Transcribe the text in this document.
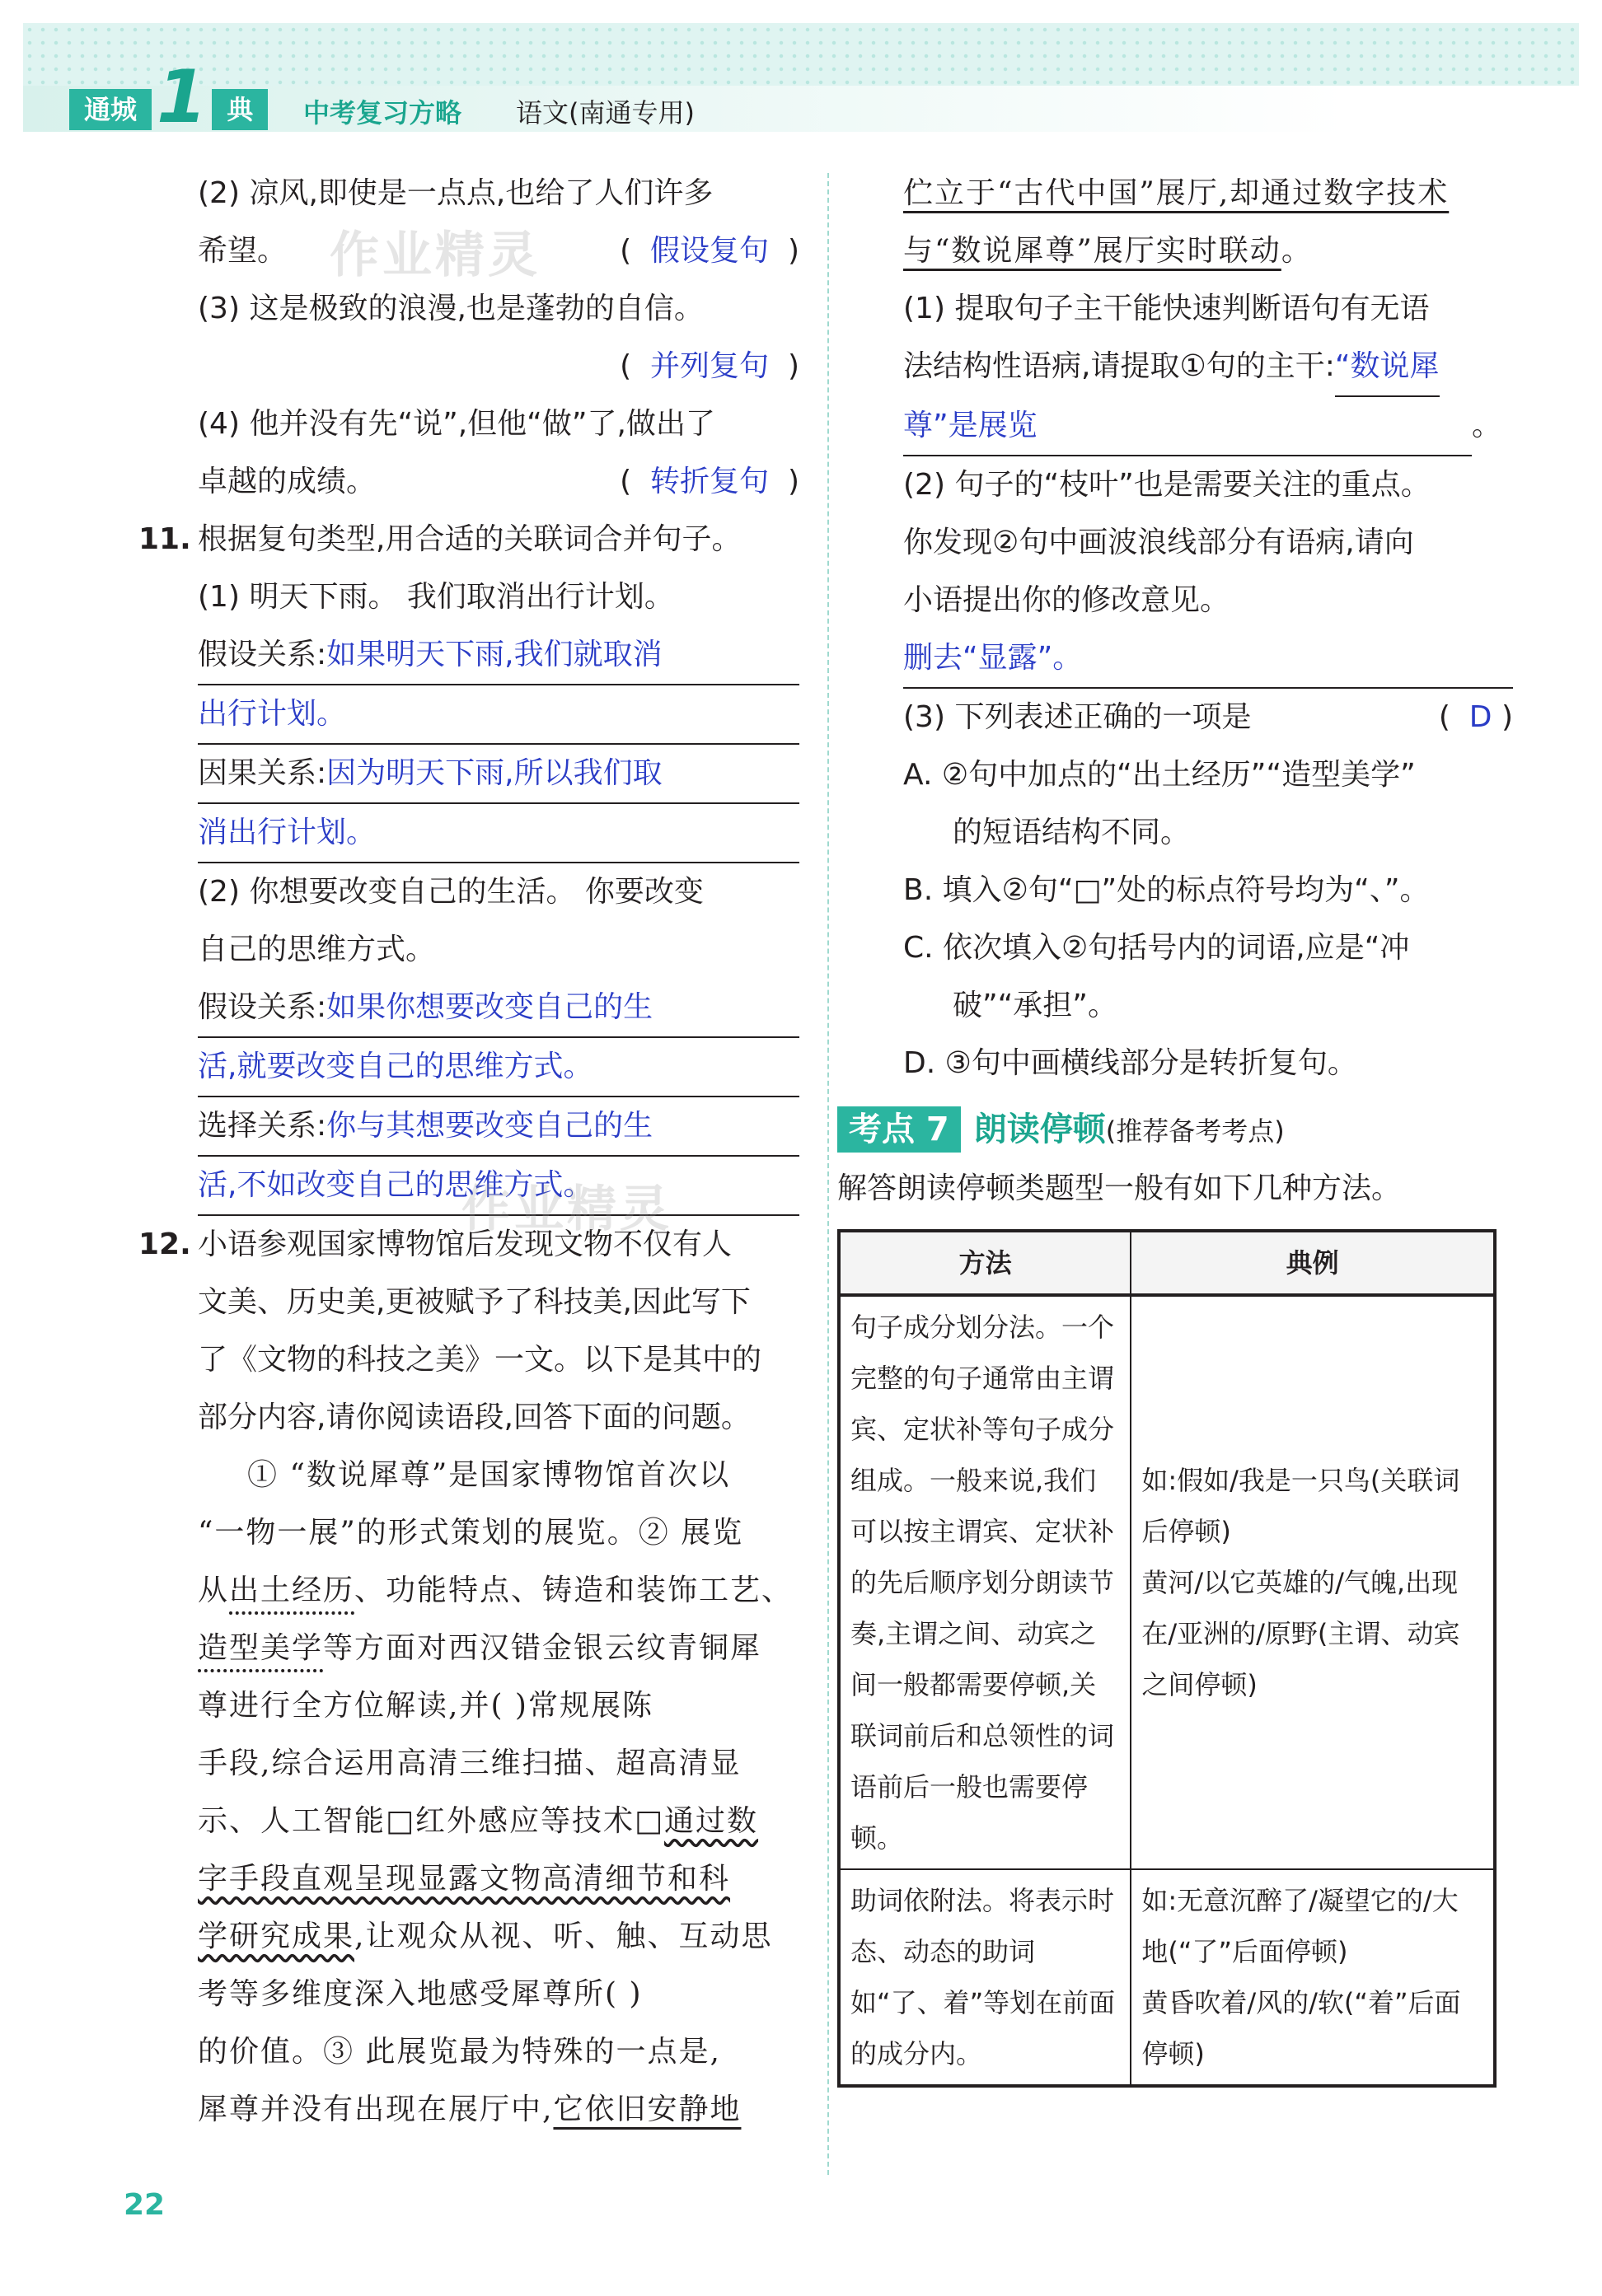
通城 1 典	中考复习方略 语文(南通专用)
(2) 凉风,即使是一点点,也给了人们许多
希望。	(  假设复句  )
(3) 这是极致的浪漫,也是蓬勃的自信。
(  并列复句  )

(4) 他并没有先“说”,但他“做”了,做出了
卓越的成绩。	(  转折复句  )
11. 根据复句类型,用合适的关联词合并句子。
(1) 明天下雨。 我们取消出行计划。
假设关系:如果明天下雨,我们就取消
出行计划。
因果关系:因为明天下雨,所以我们取
消出行计划。
(2) 你想要改变自己的生活。 你要改变
自己的思维方式。
假设关系:如果你想要改变自己的生
活,就要改变自己的思维方式。
选择关系:你与其想要改变自己的生
活,不如改变自己的思维方式。
12. 小语参观国家博物馆后发现文物不仅有人
文美、历史美,更被赋予了科技美,因此写下
了《文物的科技之美》一文。以下是其中的
部分内容,请你阅读语段,回答下面的问题。
① “数说犀尊”是国家博物馆首次以
“一物一展”的形式策划的展览。② 展览
从出土经历、功能特点、铸造和装饰工艺、
造型美学等方面对西汉错金银云纹青铜犀
尊进行全方位解读,并( )常规展陈
手段,综合运用高清三维扫描、超高清显
示、人工智能□红外感应等技术□通过数
字手段直观呈现显露文物高清细节和科
学研究成果,让观众从视、听、触、互动思
考等多维度深入地感受犀尊所( )
的价值。③ 此展览最为特殊的一点是,
犀尊并没有出现在展厅中,它依旧安静地
伫立于“古代中国”展厅,却通过数字技术
与“数说犀尊”展厅实时联动。
(1) 提取句子主干能快速判断语句有无语
法结构性语病,请提取①句的主干:“数说犀
尊”是展览	。
(2) 句子的“枝叶”也是需要关注的重点。
你发现②句中画波浪线部分有语病,请向
小语提出你的修改意见。
删去“显露”。
(3) 下列表述正确的一项是	(  D )
A. ②句中加点的“出土经历”“造型美学”
的短语结构不同。
B. 填入②句“□”处的标点符号均为“、”。
C. 依次填入②句括号内的词语,应是“冲
破”“承担”。
D. ③句中画横线部分是转折复句。
考点 7 朗读停顿(推荐备考考点)
解答朗读停顿类题型一般有如下几种方法。
方法	典例
句子成分划分法。一个完整的句子通常由主谓宾、定状补等句子成分组成。一般来说,我们可以按主谓宾、定状补的先后顺序划分朗读节奏,主谓之间、动宾之间一般都需要停顿,关联词前后和总领性的词语前后一般也需要停顿。	如:假如/我是一只鸟(关联词后停顿)
黄河/以它英雄的/气魄,出现在/亚洲的/原野(主谓、动宾之间停顿)
助词依附法。将表示时态、动态的助词如“了、着”等划在前面的成分内。	如:无意沉醉了/凝望它的/大地(“了”后面停顿)
黄昏吹着/风的/软(“着”后面停顿)
作业精灵
作业精灵
22
